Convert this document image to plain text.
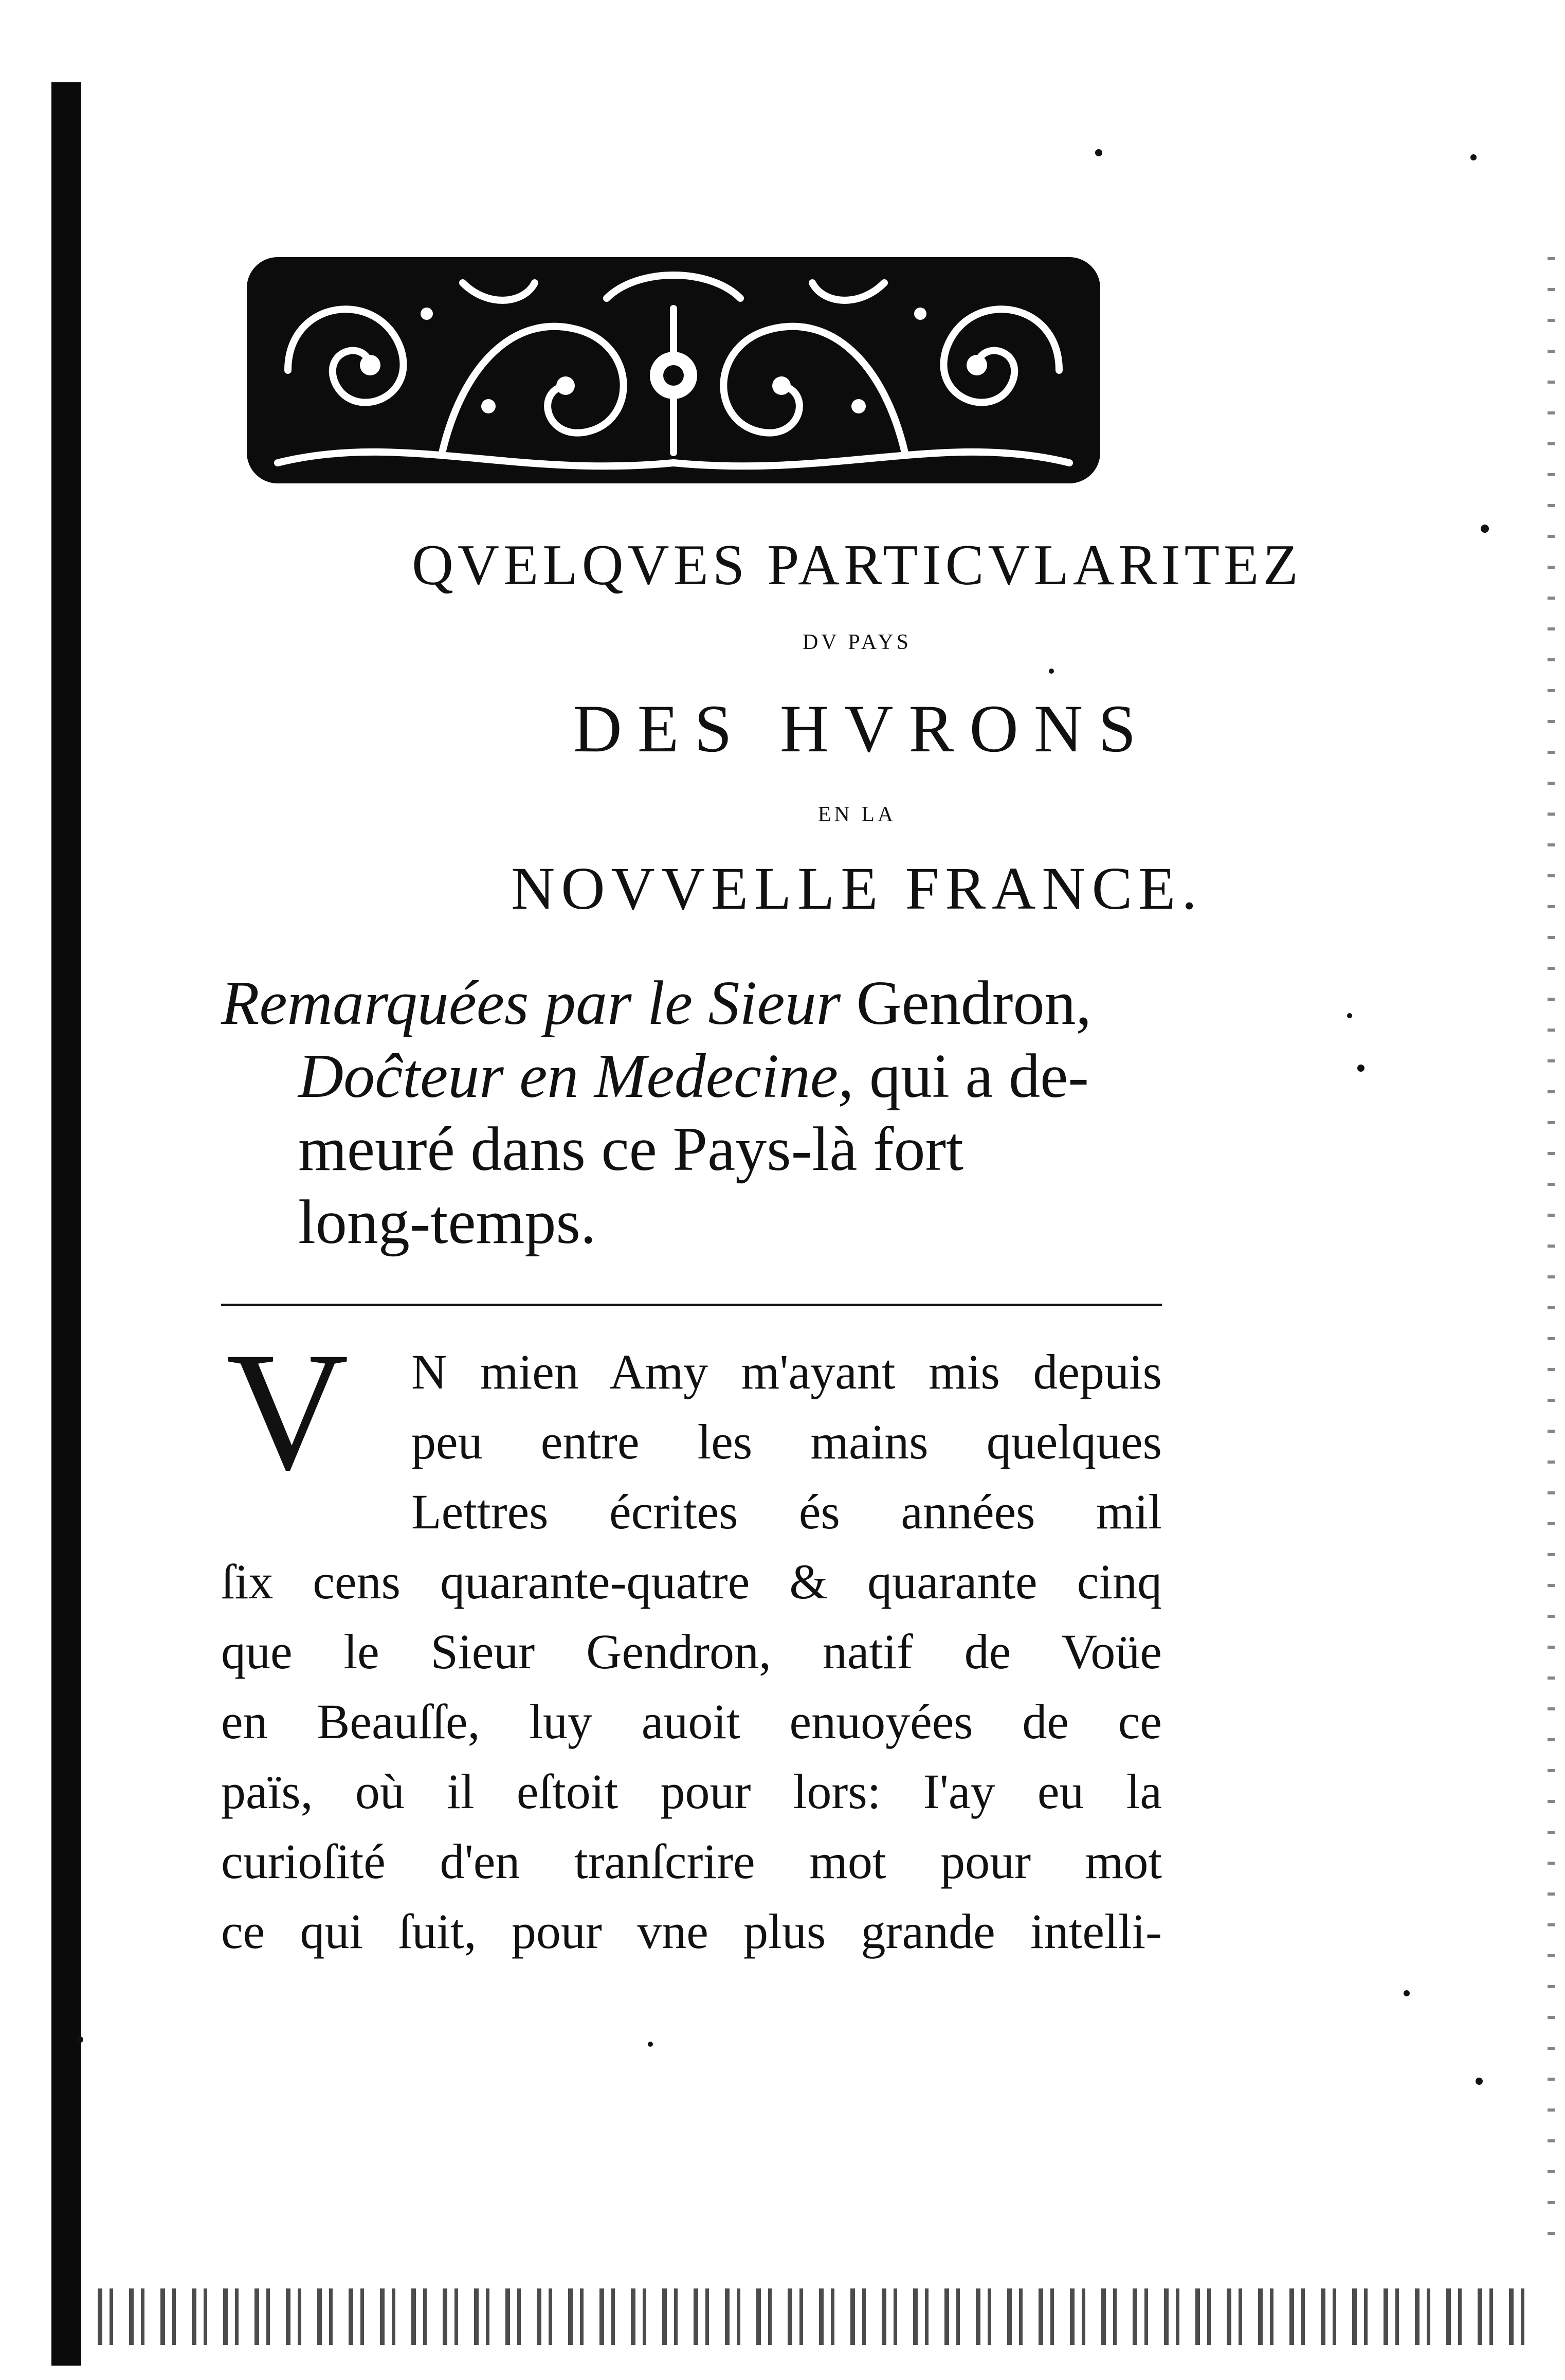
QVELQVES PARTICVLARITEZ
DV PAYS
DES HVRONS
EN LA
NOVVELLE FRANCE.
Remarquées par le Sieur Gendron,
Doĉteur en Medecine, qui a de-
meuré dans ce Pays-là fort
long-temps.
V	N mien Amy m'ayant mis depuis
peu entre les mains quelques
Lettres écrites és années mil
ſix cens quarante-quatre & quarante cinq
que le Sieur Gendron, natif de Voüe
en Beauſſe, luy auoit enuoyées de ce
païs, où il eſtoit pour lors: I'ay eu la
curioſité d'en tranſcrire mot pour mot
ce qui ſuit, pour vne plus grande intelli-
